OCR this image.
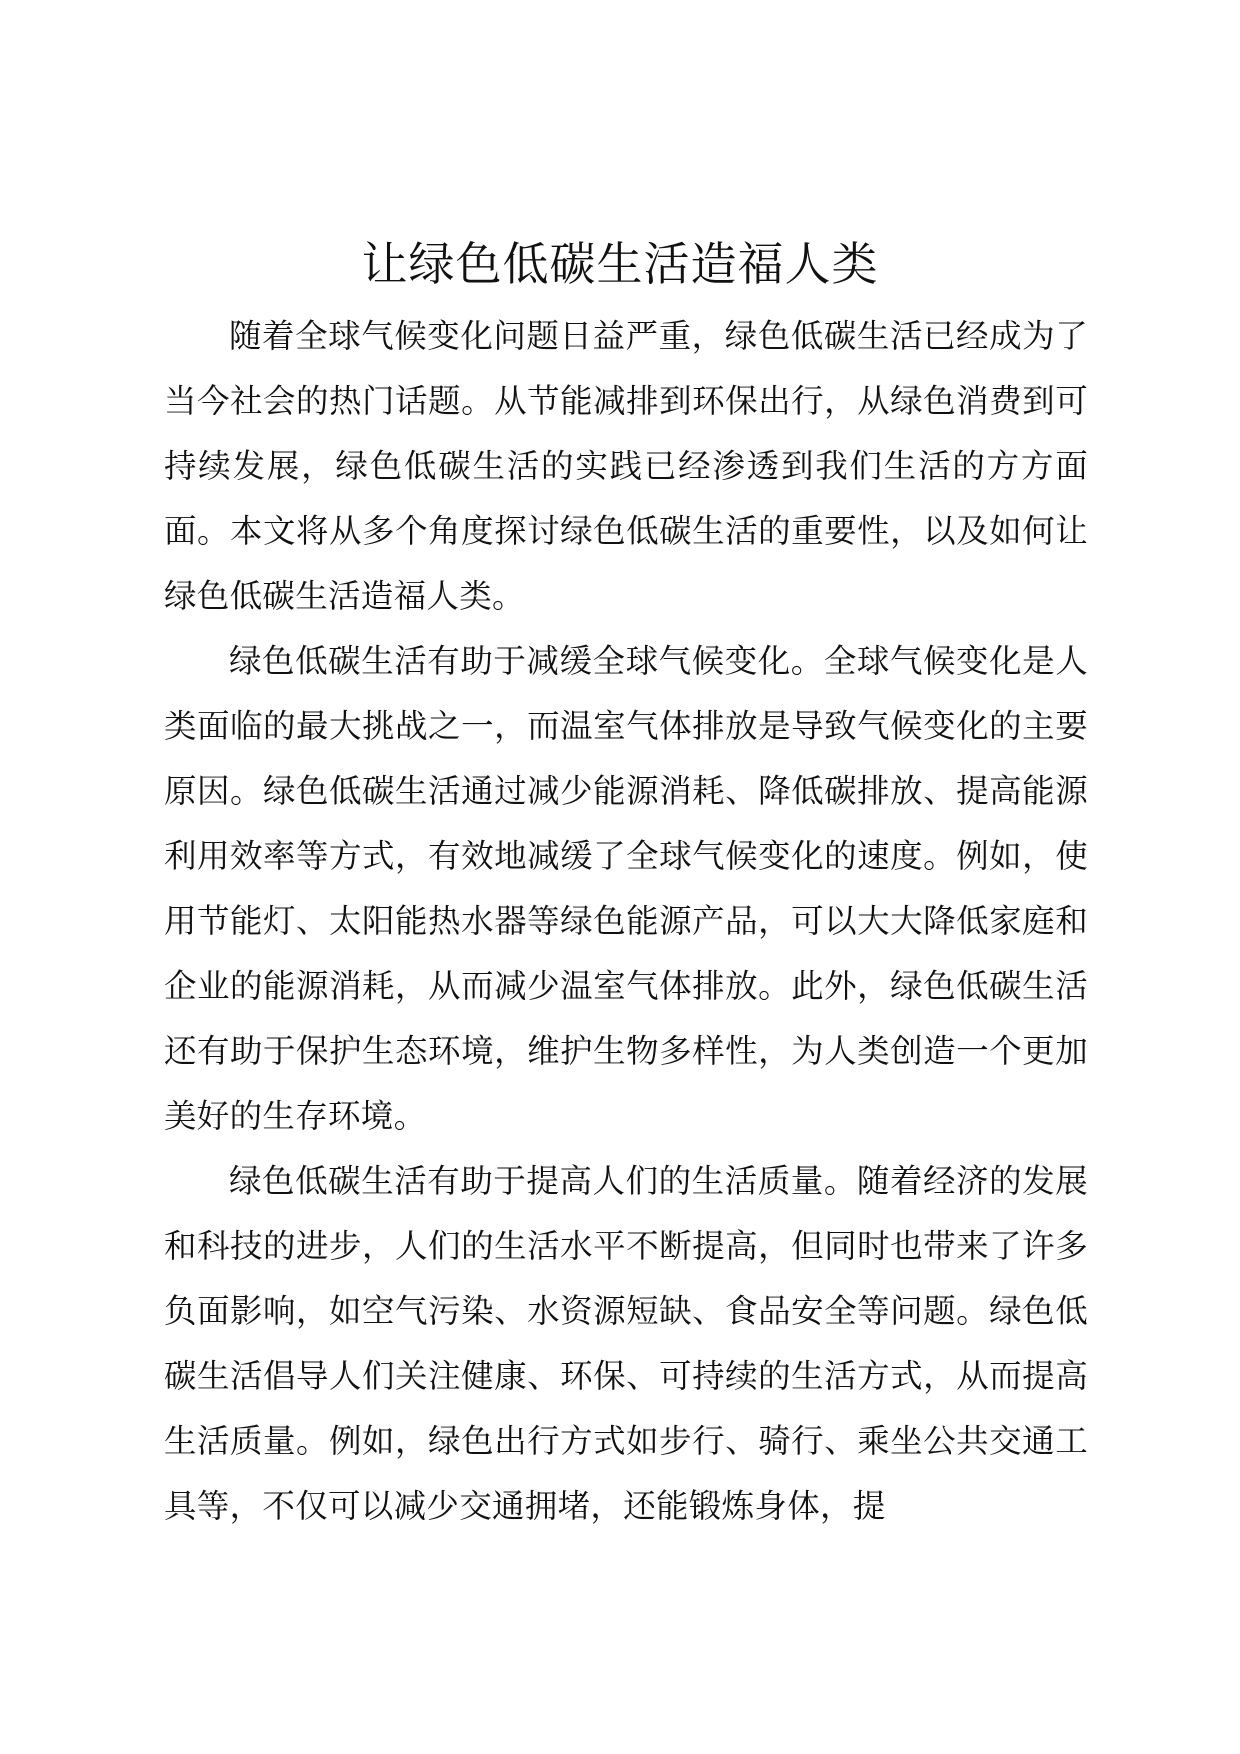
让绿色低碳生活造福人类

随着全球气候变化问题日益严重，绿色低碳生活已经成为了当今社会的热门话题。从节能减排到环保出行，从绿色消费到可持续发展，绿色低碳生活的实践已经渗透到我们生活的方方面面。本文将从多个角度探讨绿色低碳生活的重要性，以及如何让绿色低碳生活造福人类。

绿色低碳生活有助于减缓全球气候变化。全球气候变化是人类面临的最大挑战之一，而温室气体排放是导致气候变化的主要原因。绿色低碳生活通过减少能源消耗、降低碳排放、提高能源利用效率等方式，有效地减缓了全球气候变化的速度。例如，使用节能灯、太阳能热水器等绿色能源产品，可以大大降低家庭和企业的能源消耗，从而减少温室气体排放。此外，绿色低碳生活还有助于保护生态环境，维护生物多样性，为人类创造一个更加美好的生存环境。

绿色低碳生活有助于提高人们的生活质量。随着经济的发展和科技的进步，人们的生活水平不断提高，但同时也带来了许多负面影响，如空气污染、水资源短缺、食品安全等问题。绿色低碳生活倡导人们关注健康、环保、可持续的生活方式，从而提高生活质量。例如，绿色出行方式如步行、骑行、乘坐公共交通工具等，不仅可以减少交通拥堵，还能锻炼身体，提
